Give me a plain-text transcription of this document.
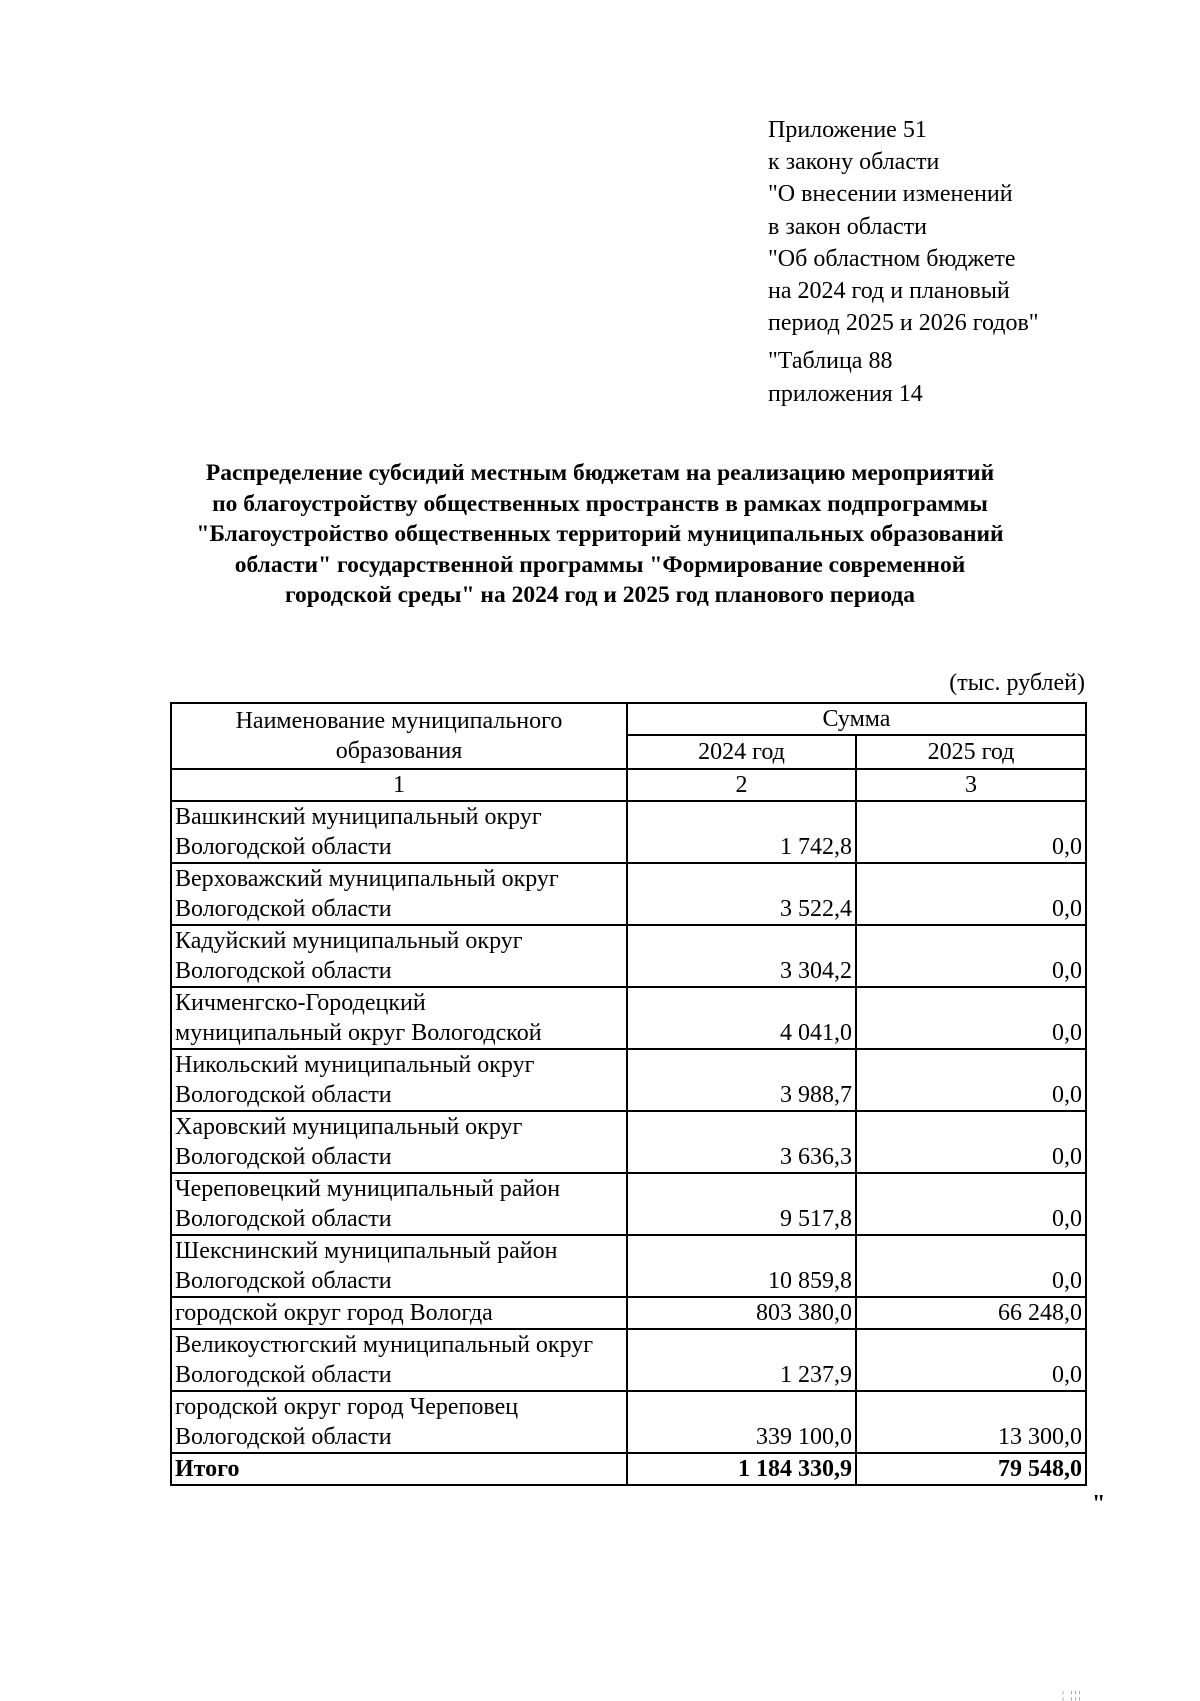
Приложение 51
к закону области
"О внесении изменений
в закон области
"Об областном бюджете
на 2024 год и плановый
период 2025 и 2026 годов"
"Таблица 88
приложения 14
Распределение субсидий местным бюджетам на реализацию мероприятий
по благоустройству общественных пространств в рамках подпрограммы
"Благоустройство общественных территорий муниципальных образований
области" государственной программы "Формирование современной
городской среды" на 2024 год и 2025 год планового периода
(тыс. рублей)
Наименование муниципального образования	Сумма	
	2024 год	2025 год
1	2	3

Вашкинский муниципальный округ
Вологодской области	1 742,8	0,0

Верховажский муниципальный округ
Вологодской области	3 522,4	0,0

Кадуйский муниципальный округ
Вологодской области	3 304,2	0,0

Кичменгско-Городецкий
муниципальный округ Вологодской	4 041,0	0,0

Никольский муниципальный округ
Вологодской области	3 988,7	0,0

Харовский муниципальный округ
Вологодской области	3 636,3	0,0

Череповецкий муниципальный район
Вологодской области	9 517,8	0,0

Шекснинский муниципальный район
Вологодской области	10 859,8	0,0

городской округ город Вологда	803 380,0	66 248,0

Великоустюгский муниципальный округ
Вологодской области	1 237,9	0,0

городской округ город Череповец
Вологодской области	339 100,0	13 300,0
Итого	1 184 330,9	79 548,0
"
¦ ¦¦¦
